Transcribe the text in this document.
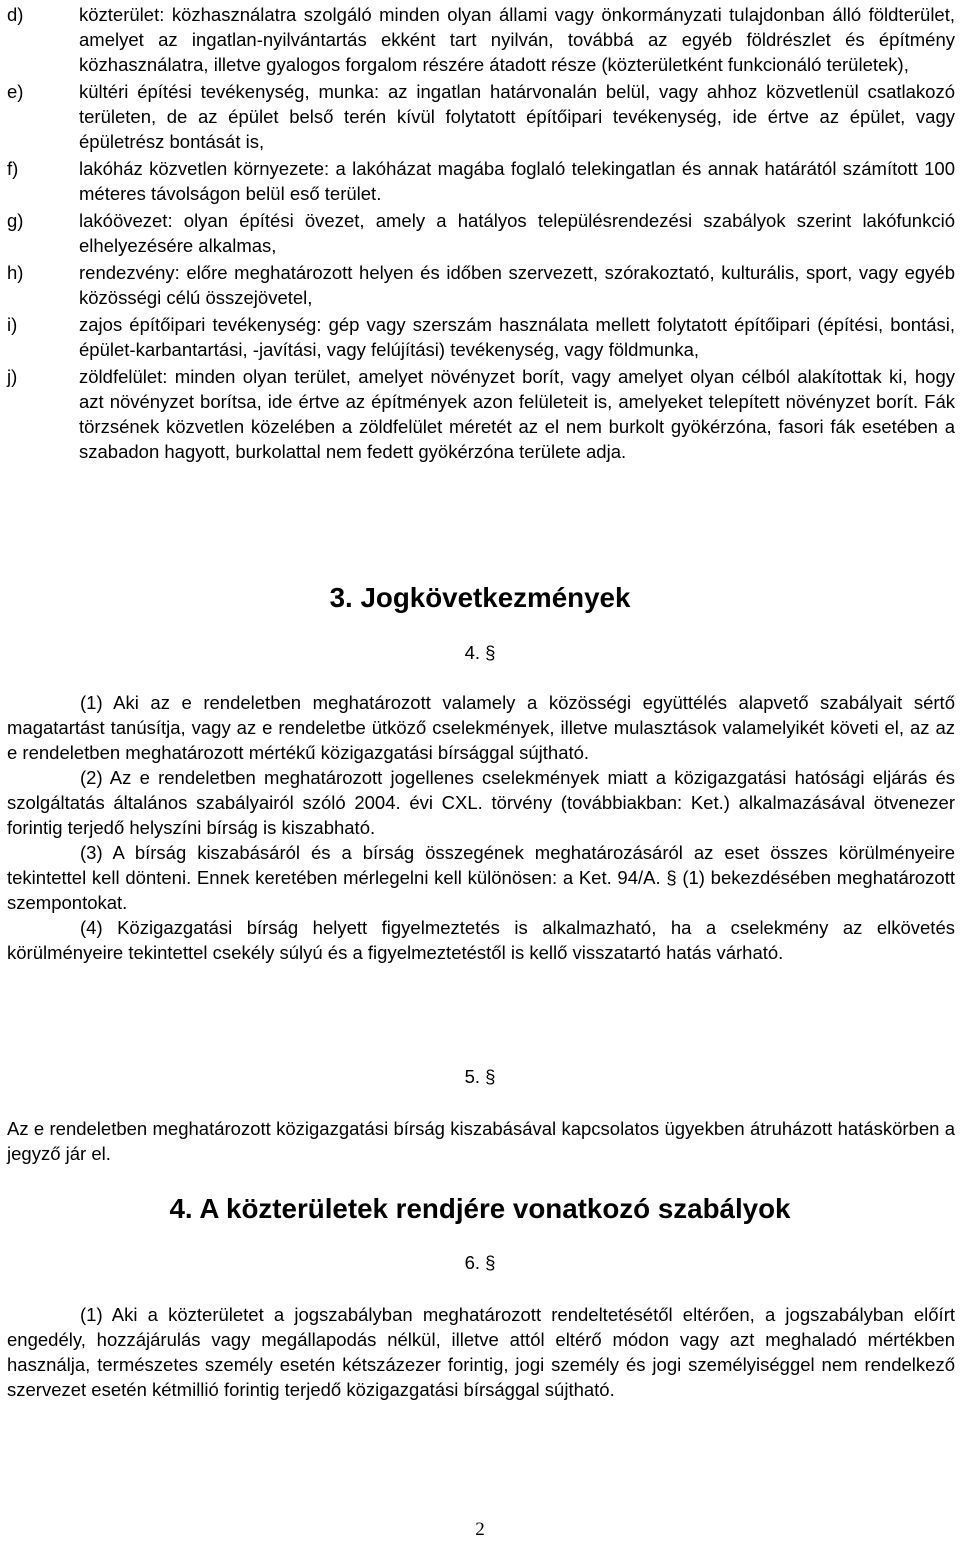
d)	közterület: közhasználatra szolgáló minden olyan állami vagy önkormányzati tulajdonban álló földterület, amelyet az ingatlan-nyilvántartás ekként tart nyilván, továbbá az egyéb földrészlet és építmény közhasználatra, illetve gyalogos forgalom részére átadott része (közterületként funkcionáló területek),

e)	kültéri építési tevékenység, munka: az ingatlan határvonalán belül, vagy ahhoz közvetlenül csatlakozó területen, de az épület belső terén kívül folytatott építőipari tevékenység, ide értve az épület, vagy épületrész bontását is,

f)	lakóház közvetlen környezete: a lakóházat magába foglaló telekingatlan és annak határától számított 100 méteres távolságon belül eső terület.

g)	lakóövezet: olyan építési övezet, amely a hatályos településrendezési szabályok szerint lakófunkció elhelyezésére alkalmas,

h)	rendezvény: előre meghatározott helyen és időben szervezett, szórakoztató, kulturális, sport, vagy egyéb közösségi célú összejövetel,

i)	zajos építőipari tevékenység: gép vagy szerszám használata mellett folytatott építőipari (építési, bontási, épület-karbantartási, -javítási, vagy felújítási) tevékenység, vagy földmunka,

j)	zöldfelület: minden olyan terület, amelyet növényzet borít, vagy amelyet olyan célból alakítottak ki, hogy azt növényzet borítsa, ide értve az építmények azon felületeit is, amelyeket telepített növényzet borít. Fák törzsének közvetlen közelében a zöldfelület méretét az el nem burkolt gyökérzóna, fasori fák esetében a szabadon hagyott, burkolattal nem fedett gyökérzóna területe adja.

3. Jogkövetkezmények

4. §

(1) Aki az e rendeletben meghatározott valamely a közösségi együttélés alapvető szabályait sértő magatartást tanúsítja, vagy az e rendeletbe ütköző cselekmények, illetve mulasztások valamelyikét követi el, az az e rendeletben meghatározott mértékű közigazgatási bírsággal sújtható.

(2) Az e rendeletben meghatározott jogellenes cselekmények miatt a közigazgatási hatósági eljárás és szolgáltatás általános szabályairól szóló 2004. évi CXL. törvény (továbbiakban: Ket.) alkalmazásával ötvenezer forintig terjedő helyszíni bírság is kiszabható.

(3) A bírság kiszabásáról és a bírság összegének meghatározásáról az eset összes körülményeire tekintettel kell dönteni. Ennek keretében mérlegelni kell különösen: a Ket. 94/A. § (1) bekezdésében meghatározott szempontokat.

(4) Közigazgatási bírság helyett figyelmeztetés is alkalmazható, ha a cselekmény az elkövetés körülményeire tekintettel csekély súlyú és a figyelmeztetéstől is kellő visszatartó hatás várható.

5. §

Az e rendeletben meghatározott közigazgatási bírság kiszabásával kapcsolatos ügyekben átruházott hatáskörben a jegyző jár el.

4. A közterületek rendjére vonatkozó szabályok

6. §

(1) Aki a közterületet a jogszabályban meghatározott rendeltetésétől eltérően, a jogszabályban előírt engedély, hozzájárulás vagy megállapodás nélkül, illetve attól eltérő módon vagy azt meghaladó mértékben használja, természetes személy esetén kétszázezer forintig, jogi személy és jogi személyiséggel nem rendelkező szervezet esetén kétmillió forintig terjedő közigazgatási bírsággal sújtható.

2
